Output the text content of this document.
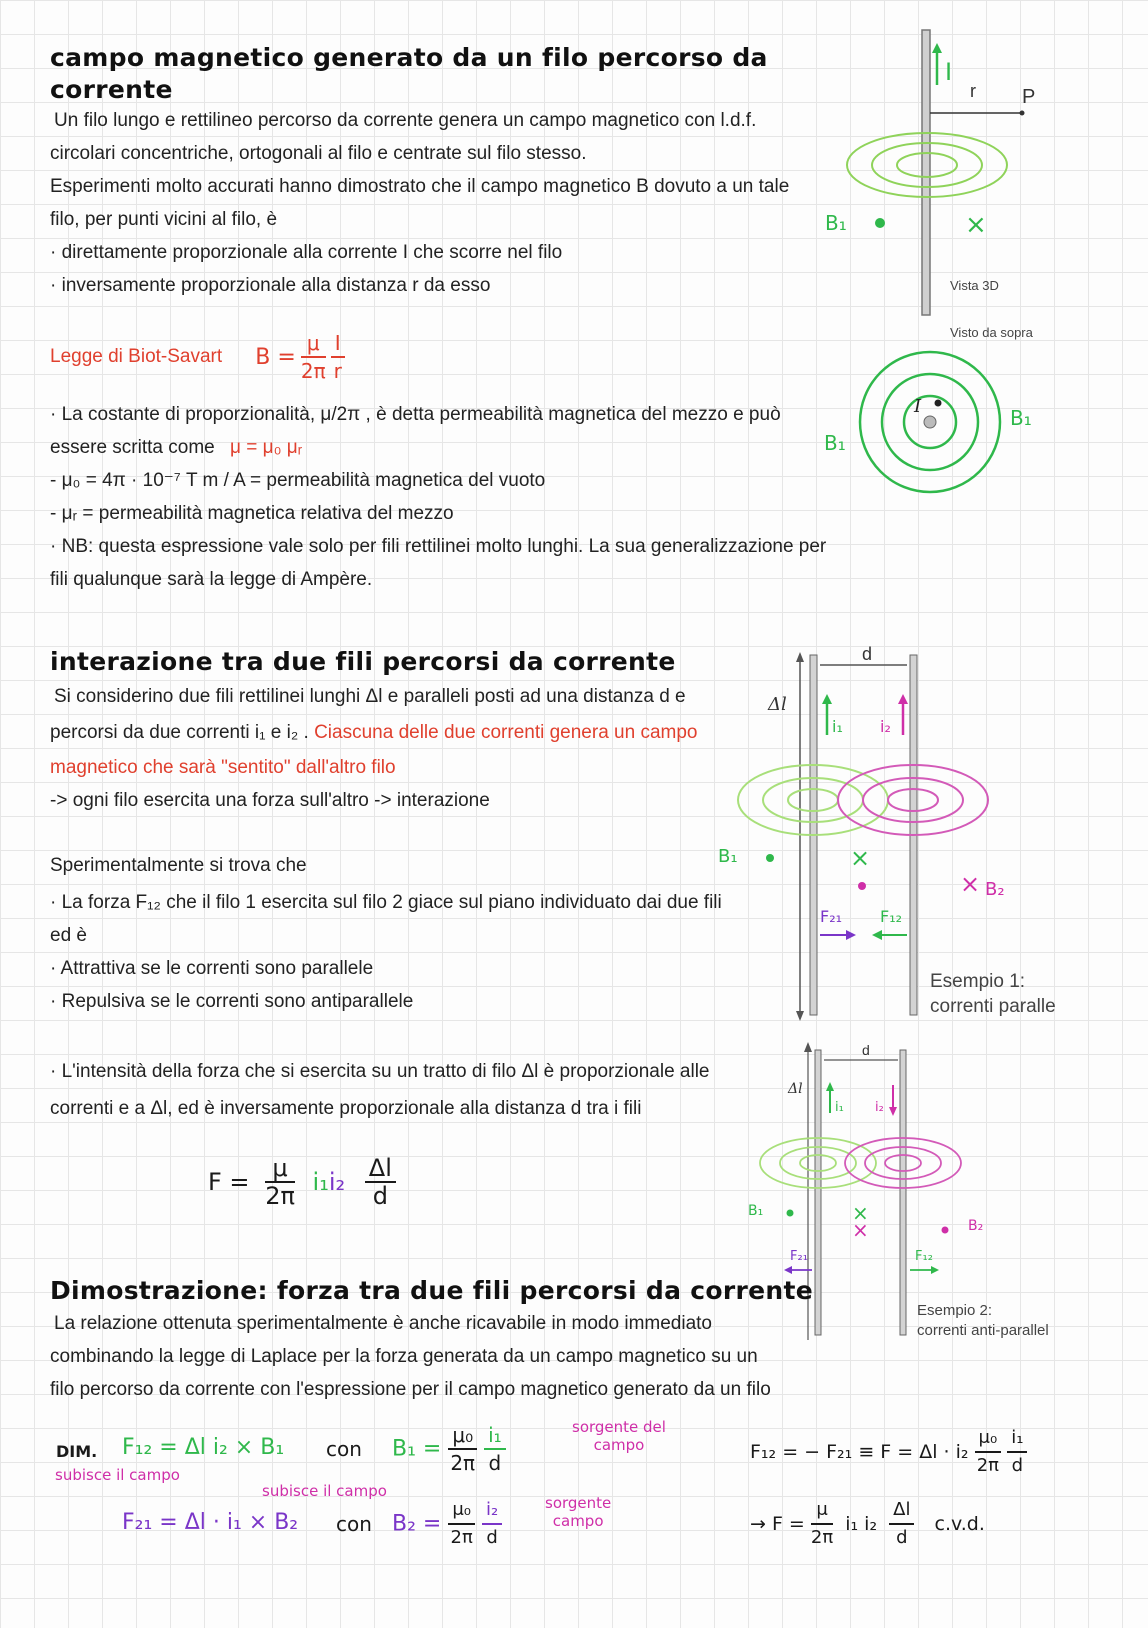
campo magnetico generato da un filo percorso da
corrente
Un filo lungo e rettilineo percorso da corrente genera un campo magnetico con l.d.f.
circolari concentriche, ortogonali al filo e centrate sul filo stesso.
Esperimenti molto accurati hanno dimostrato che il campo magnetico B dovuto a un tale
filo, per punti vicini al filo, è
· direttamente proporzionale alla corrente I che scorre nel filo
· inversamente proporzionale alla distanza r da esso
Legge di Biot-Savart $B = \frac{\mu}{2\pi}$
$\frac{I}{r}$
· La costante di proporzionalità, μ/2π , è detta permeabilità magnetica del mezzo e può
essere scritta come μ = μ₀ μᵣ
- μ₀ = 4π · 10⁻⁷ T m / A = permeabilità magnetica del vuoto
- μᵣ = permeabilità magnetica relativa del mezzo
· NB: questa espressione vale solo per fili rettilinei molto lunghi. La sua generalizzazione per
fili qualunque sarà la legge di Ampère.
I
r P
B₁	×
Vista 3D
Visto da sopra
I
B₁
B₁
interazione tra due fili percorsi da corrente
Si considerino due fili rettilinei lunghi Δl e paralleli posti ad una distanza d e
percorsi da due correnti i₁ e i₂ . Ciascuna delle due correnti genera un campo
magnetico che sarà "sentito" dall'altro filo
-> ogni filo esercita una forza sull'altro -> interazione
Sperimentalmente si trova che
· La forza F₁₂ che il filo 1 esercita sul filo 2 giace sul piano individuato dai due fili
ed è
· Attrattiva se le correnti sono parallele
· Repulsiva se le correnti sono antiparallele
· L'intensità della forza che si esercita su un tratto di filo Δl è proporzionale alle
correnti e a Δl, ed è inversamente proporzionale alla distanza d tra i fili
$F = \frac{\mu}{2\pi} i_1i_2 \frac{\Delta l}{d}$
Δl
d
i₁ i₂
B₁	×
× B₂
F₂₁ F₁₂
Esempio 1:
correnti paralle
Δl
d
i₁ i₂
B₁	×
×	B₂
F₂₁	F₁₂
Esempio 2:
correnti anti-parallel
Dimostrazione: forza tra due fili percorsi da corrente
La relazione ottenuta sperimentalmente è anche ricavabile in modo immediato
combinando la legge di Laplace per la forza generata da un campo magnetico su un
filo percorso da corrente con l'espressione per il campo magnetico generato da un filo
DIM. F₁₂ = Δl i₂ × B₁
subisce il campo
con $B_1 = \frac{\text{μ₀}}{2\pi}$
$\frac{\text{i₁}}{d}$	sorgente del
campo
subisce il campo
F₂₁ = Δl · i₁ × B₂ con $B_2 = \frac{\text{μ₀}}{2\pi}$
$\frac{\text{i₂}}{d}$	sorgente
campo
F₁₂ = − $F_{21} \equiv F = \Delta l \cdot i_2 \frac{\text{μ₀}}{2\pi}$
$\frac{\text{i₁}}{d}$
→ $F = \frac{\mu}{2\pi} i_1$ $i_2 \frac{\Delta l}{d} c.v.d$.
